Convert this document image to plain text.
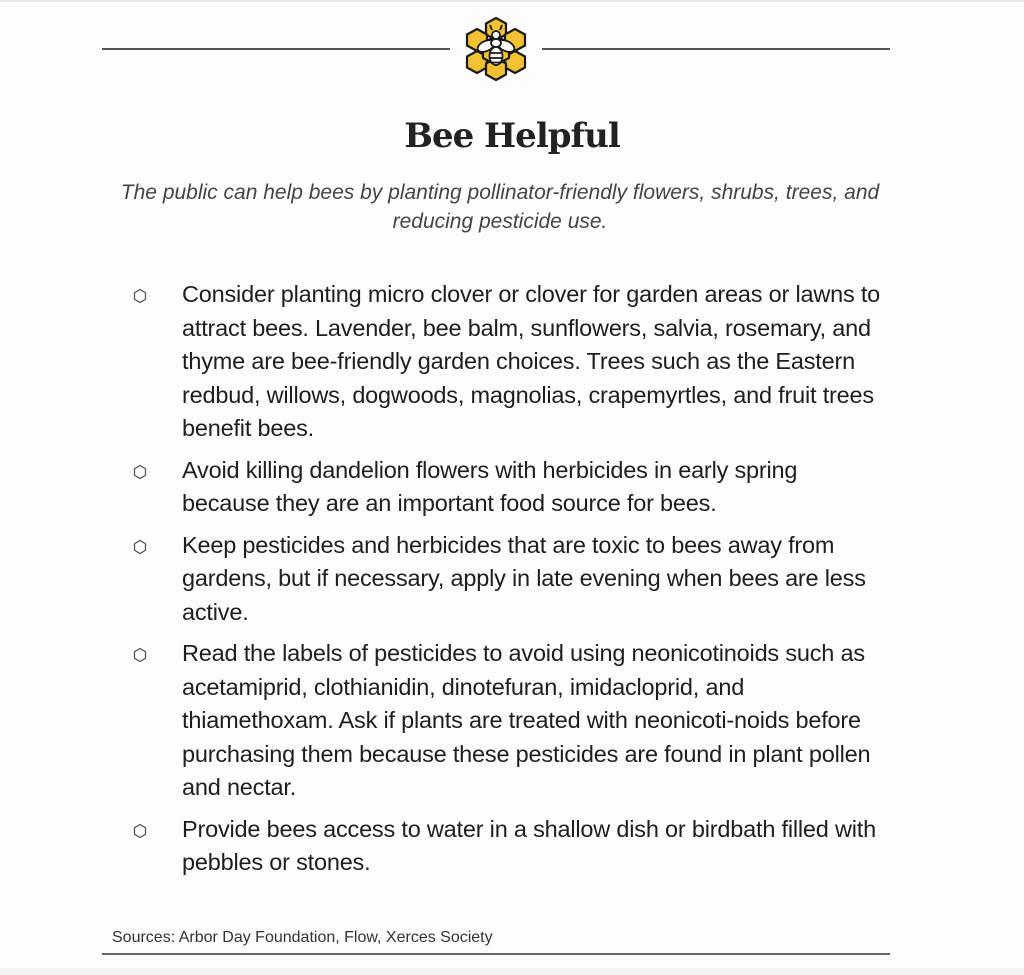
Bee Helpful

The public can help bees by planting pollinator-friendly flowers, shrubs, trees, and reducing pesticide use.

Consider planting micro clover or clover for garden areas or lawns to attract bees. Lavender, bee balm, sunflowers, salvia, rosemary, and thyme are bee-friendly garden choices. Trees such as the Eastern redbud, willows, dogwoods, magnolias, crapemyrtles, and fruit trees benefit bees.
Avoid killing dandelion flowers with herbicides in early spring because they are an important food source for bees.
Keep pesticides and herbicides that are toxic to bees away from gardens, but if necessary, apply in late evening when bees are less active.
Read the labels of pesticides to avoid using neonicotinoids such as acetamiprid, clothianidin, dinotefuran, imidacloprid, and thiamethoxam. Ask if plants are treated with neonicoti-noids before purchasing them because these pesticides are found in plant pollen and nectar.
Provide bees access to water in a shallow dish or birdbath filled with pebbles or stones.
Sources: Arbor Day Foundation, Flow, Xerces Society
